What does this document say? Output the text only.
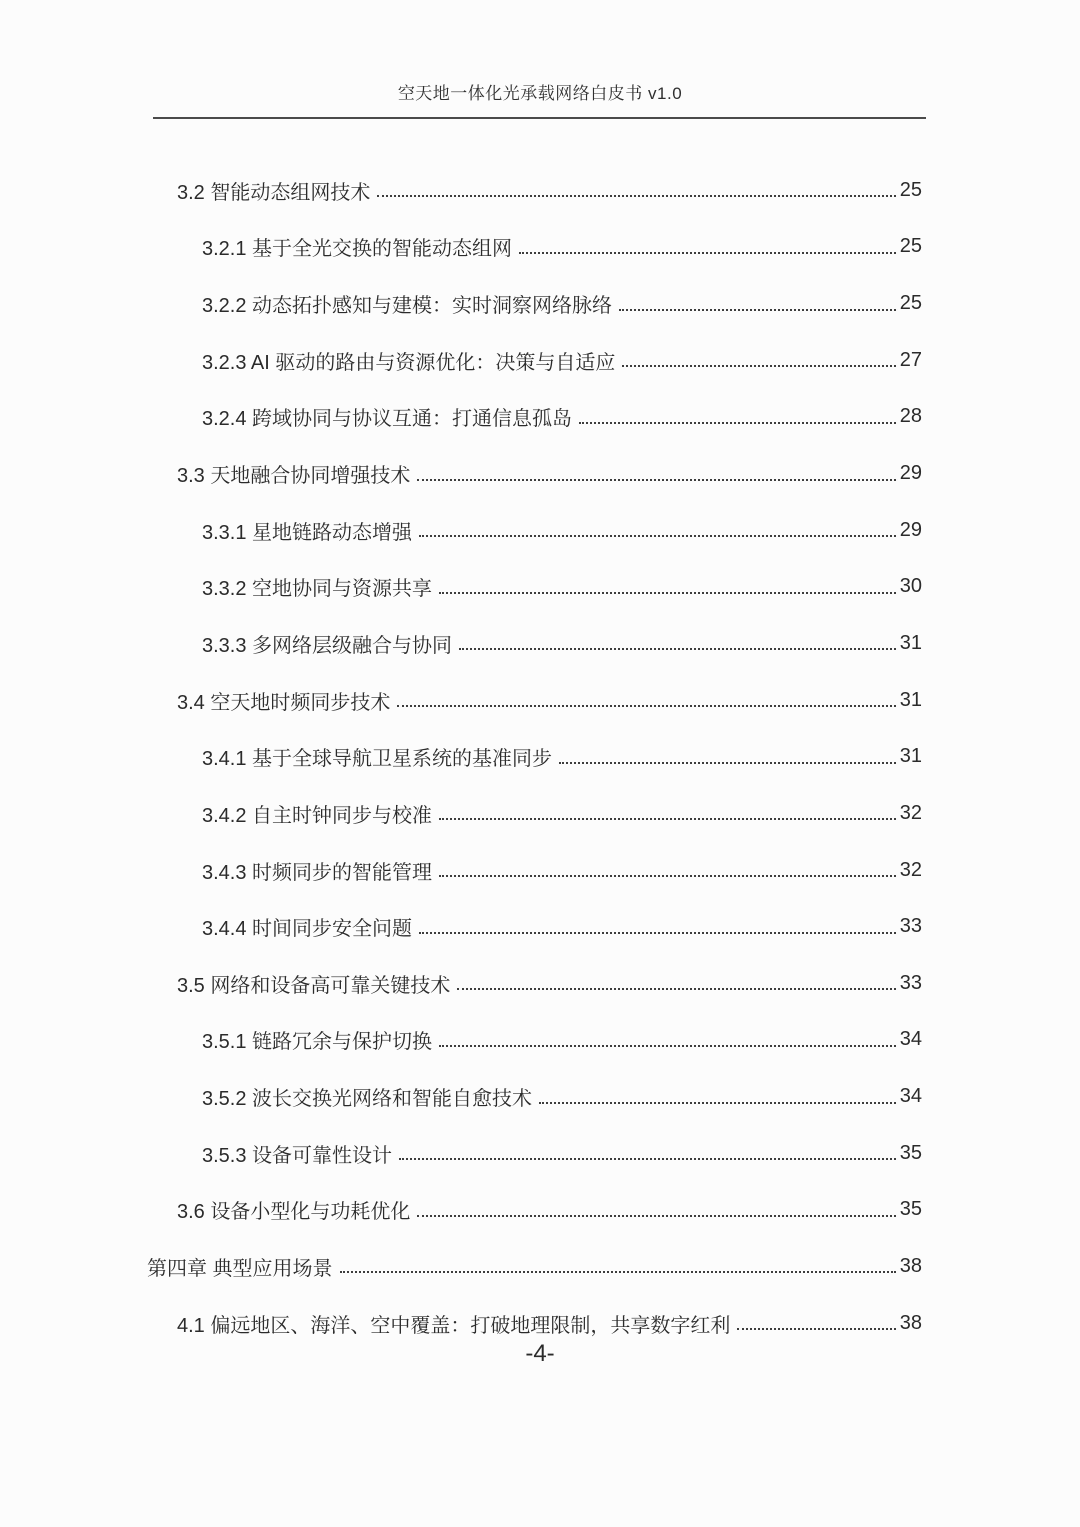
空天地一体化光承载网络白皮书 v1.0
3.2 智能动态组网技术	25
3.2.1 基于全光交换的智能动态组网	25
3.2.2 动态拓扑感知与建模：实时洞察网络脉络	25
3.2.3 AI 驱动的路由与资源优化：决策与自适应	27
3.2.4 跨域协同与协议互通：打通信息孤岛	28
3.3 天地融合协同增强技术	29
3.3.1 星地链路动态增强	29
3.3.2 空地协同与资源共享	30
3.3.3 多网络层级融合与协同	31
3.4 空天地时频同步技术	31
3.4.1 基于全球导航卫星系统的基准同步	31
3.4.2 自主时钟同步与校准	32
3.4.3 时频同步的智能管理	32
3.4.4 时间同步安全问题	33
3.5 网络和设备高可靠关键技术	33
3.5.1 链路冗余与保护切换	34
3.5.2 波长交换光网络和智能自愈技术	34
3.5.3 设备可靠性设计	35
3.6 设备小型化与功耗优化	35
第四章 典型应用场景	38
4.1 偏远地区、海洋、空中覆盖：打破地理限制，共享数字红利	38
-4-
